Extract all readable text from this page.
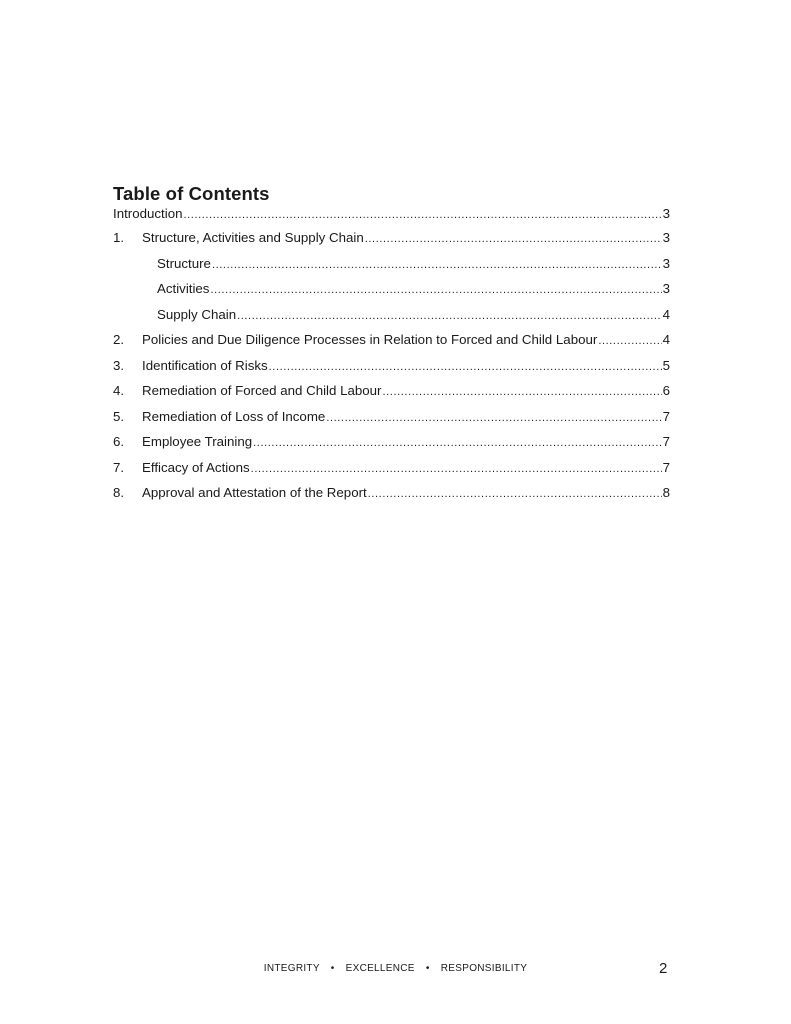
Table of Contents
Introduction .....	3
1.	Structure, Activities and Supply Chain .....	3
Structure .....	3
Activities .....	3
Supply Chain .....	4
2.	Policies and Due Diligence Processes in Relation to Forced and Child Labour .....	4
3.	Identification of Risks .....	5
4.	Remediation of Forced and Child Labour .....	6
5.	Remediation of Loss of Income .....	7
6.	Employee Training .....	7
7.	Efficacy of Actions .....	7
8.	Approval and Attestation of the Report .....	8
INTEGRITY • EXCELLENCE • RESPONSIBILITY	2
